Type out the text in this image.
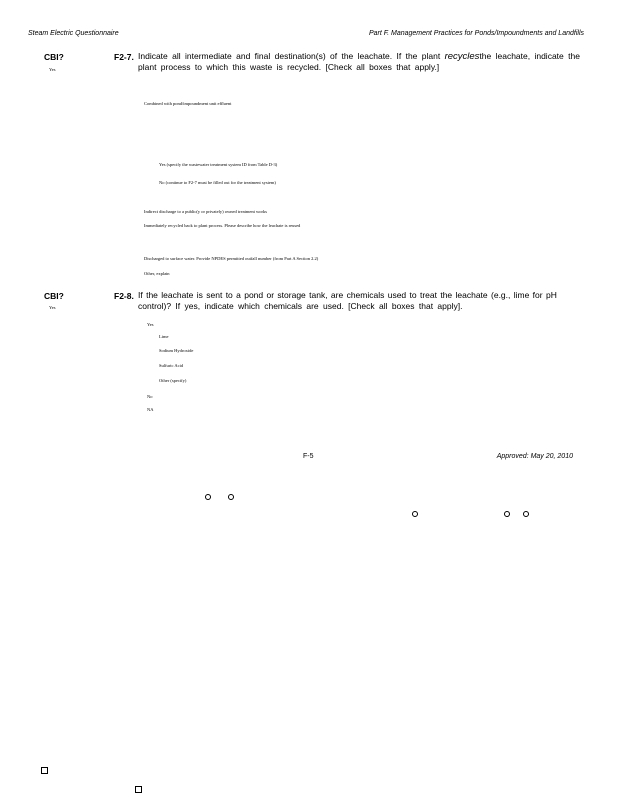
Steam Electric Questionnaire	Part F. Management Practices for Ponds/Impoundments and Landfills
CBI?
Yes
F2-7. Indicate all intermediate and final destination(s) of the leachate. If the plant recyclesthe leachate, indicate the
plant process to which this waste is recycled. [Check all boxes that apply.]
Combined with pond/impoundment unit effluent
Yes (specify the wastewater treatment system ID from Table D-3)
No (continue to F2-7 must be filled out for the treatment system)
Indirect discharge to a public(y or privately) owned treatment works
Immediately recycled back to plant process. Please describe how the leachate is reused
Discharged to surface water. Provide NPDES permitted outfall number (from Part A Section 2.2)
Other, explain
CBI?
Yes
F2-8. If the leachate is sent to a pond or storage tank, are chemicals used to treat the leachate (e.g., lime for pH
control)? If yes, indicate which chemicals are used. [Check all boxes that apply].
Yes
Lime
Sodium Hydroxide
Sulfuric Acid
Other (specify)
No
NA
F-5	Approved: May 20, 2010
